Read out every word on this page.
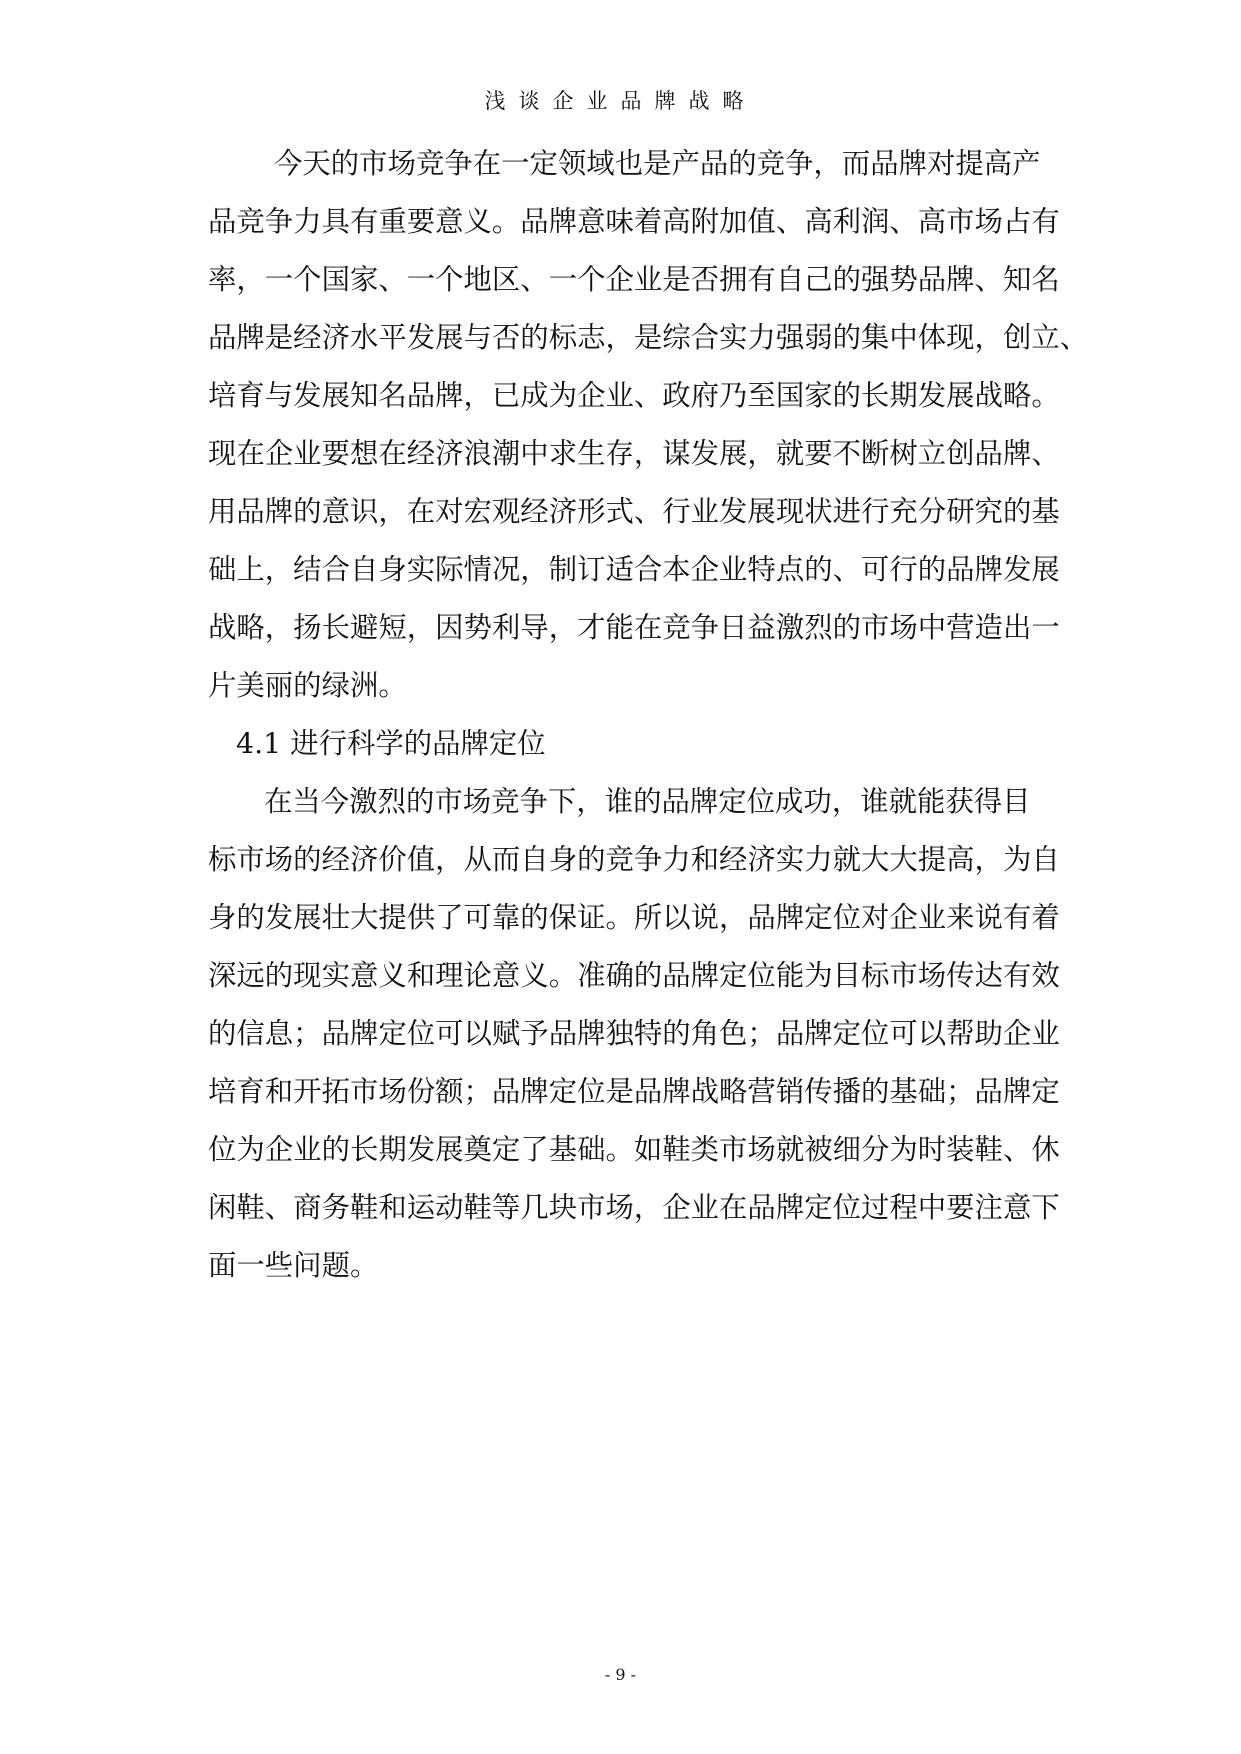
浅谈企业品牌战略
今天的市场竞争在一定领域也是产品的竞争，而品牌对提高产
品竞争力具有重要意义。品牌意味着高附加值、高利润、高市场占有
率，一个国家、一个地区、一个企业是否拥有自己的强势品牌、知名
品牌是经济水平发展与否的标志，是综合实力强弱的集中体现，创立、
培育与发展知名品牌，已成为企业、政府乃至国家的长期发展战略。
现在企业要想在经济浪潮中求生存，谋发展，就要不断树立创品牌、
用品牌的意识，在对宏观经济形式、行业发展现状进行充分研究的基
础上，结合自身实际情况，制订适合本企业特点的、可行的品牌发展
战略，扬长避短，因势利导，才能在竞争日益激烈的市场中营造出一
片美丽的绿洲。
4.1 进行科学的品牌定位
在当今激烈的市场竞争下，谁的品牌定位成功，谁就能获得目
标市场的经济价值，从而自身的竞争力和经济实力就大大提高，为自
身的发展壮大提供了可靠的保证。所以说，品牌定位对企业来说有着
深远的现实意义和理论意义。准确的品牌定位能为目标市场传达有效
的信息；品牌定位可以赋予品牌独特的角色；品牌定位可以帮助企业
培育和开拓市场份额；品牌定位是品牌战略营销传播的基础；品牌定
位为企业的长期发展奠定了基础。如鞋类市场就被细分为时装鞋、休
闲鞋、商务鞋和运动鞋等几块市场，企业在品牌定位过程中要注意下
面一些问题。
- 9 -
